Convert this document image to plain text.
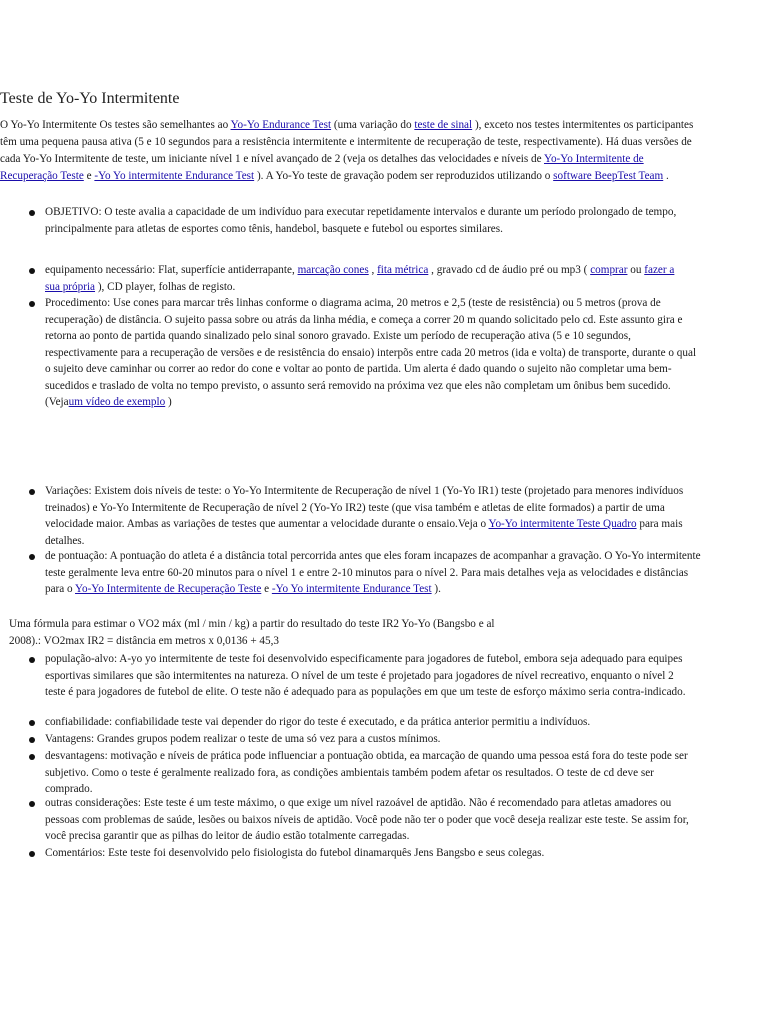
Teste de Yo-Yo Intermitente

O Yo-Yo Intermitente Os testes são semelhantes ao Yo-Yo Endurance Test (uma variação do teste de sinal ), exceto nos testes intermitentes os participantes têm uma pequena pausa ativa (5 e 10 segundos para a resistência intermitente e intermitente de recuperação de teste, respectivamente). Há duas versões de cada Yo-Yo Intermitente de teste, um iniciante nível 1 e nível avançado de 2 (veja os detalhes das velocidades e níveis de Yo-Yo Intermitente de Recuperação Teste e -Yo Yo intermitente Endurance Test ). A Yo-Yo teste de gravação podem ser reproduzidos utilizando o software BeepTest Team .

OBJETIVO: O teste avalia a capacidade de um indivíduo para executar repetidamente intervalos e durante um período prolongado de tempo, principalmente para atletas de esportes como tênis, handebol, basquete e futebol ou esportes similares.
equipamento necessário: Flat, superfície antiderrapante, marcação cones , fita métrica , gravado cd de áudio pré ou mp3 ( comprar ou fazer a sua própria ), CD player, folhas de registo.
Procedimento: Use cones para marcar três linhas conforme o diagrama acima, 20 metros e 2,5 (teste de resistência) ou 5 metros (prova de recuperação) de distância. O sujeito passa sobre ou atrás da linha média, e começa a correr 20 m quando solicitado pelo cd. Este assunto gira e retorna ao ponto de partida quando sinalizado pelo sinal sonoro gravado. Existe um período de recuperação ativa (5 e 10 segundos, respectivamente para a recuperação de versões e de resistência do ensaio) interpõs entre cada 20 metros (ida e volta) de transporte, durante o qual o sujeito deve caminhar ou correr ao redor do cone e voltar ao ponto de partida. Um alerta é dado quando o sujeito não completar uma bem-sucedidos e traslado de volta no tempo previsto, o assunto será removido na próxima vez que eles não completam um ônibus bem sucedido. (Vejaum vídeo de exemplo )
Variações: Existem dois níveis de teste: o Yo-Yo Intermitente de Recuperação de nível 1 (Yo-Yo IR1) teste (projetado para menores indivíduos treinados) e Yo-Yo Intermitente de Recuperação de nível 2 (Yo-Yo IR2) teste (que visa também e atletas de elite formados) a partir de uma velocidade maior. Ambas as variações de testes que aumentar a velocidade durante o ensaio.Veja o Yo-Yo intermitente Teste Quadro para mais detalhes.
de pontuação: A pontuação do atleta é a distância total percorrida antes que eles foram incapazes de acompanhar a gravação. O Yo-Yo intermitente teste geralmente leva entre 60-20 minutos para o nível 1 e entre 2-10 minutos para o nível 2. Para mais detalhes veja as velocidades e distâncias para o Yo-Yo Intermitente de Recuperação Teste e -Yo Yo intermitente Endurance Test ).
Uma fórmula para estimar o VO2 máx (ml / min / kg) a partir do resultado do teste IR2 Yo-Yo (Bangsbo e al
2008).: VO2max IR2 = distância em metros x 0,0136 + 45,3
população-alvo: A-yo yo intermitente de teste foi desenvolvido especificamente para jogadores de futebol, embora seja adequado para equipes esportivas similares que são intermitentes na natureza. O nível de um teste é projetado para jogadores de nível recreativo, enquanto o nível 2 teste é para jogadores de futebol de elite. O teste não é adequado para as populações em que um teste de esforço máximo seria contra-indicado.
confiabilidade: confiabilidade teste vai depender do rigor do teste é executado, e da prática anterior permitiu a indivíduos.
Vantagens: Grandes grupos podem realizar o teste de uma só vez para a custos mínimos.
desvantagens: motivação e níveis de prática pode influenciar a pontuação obtida, ea marcação de quando uma pessoa está fora do teste pode ser subjetivo. Como o teste é geralmente realizado fora, as condições ambientais também podem afetar os resultados. O teste de cd deve ser comprado.
outras considerações: Este teste é um teste máximo, o que exige um nível razoável de aptidão. Não é recomendado para atletas amadores ou pessoas com problemas de saúde, lesões ou baixos níveis de aptidão. Você pode não ter o poder que você deseja realizar este teste. Se assim for, você precisa garantir que as pilhas do leitor de áudio estão totalmente carregadas.
Comentários: Este teste foi desenvolvido pelo fisiologista do futebol dinamarquês Jens Bangsbo e seus colegas.
